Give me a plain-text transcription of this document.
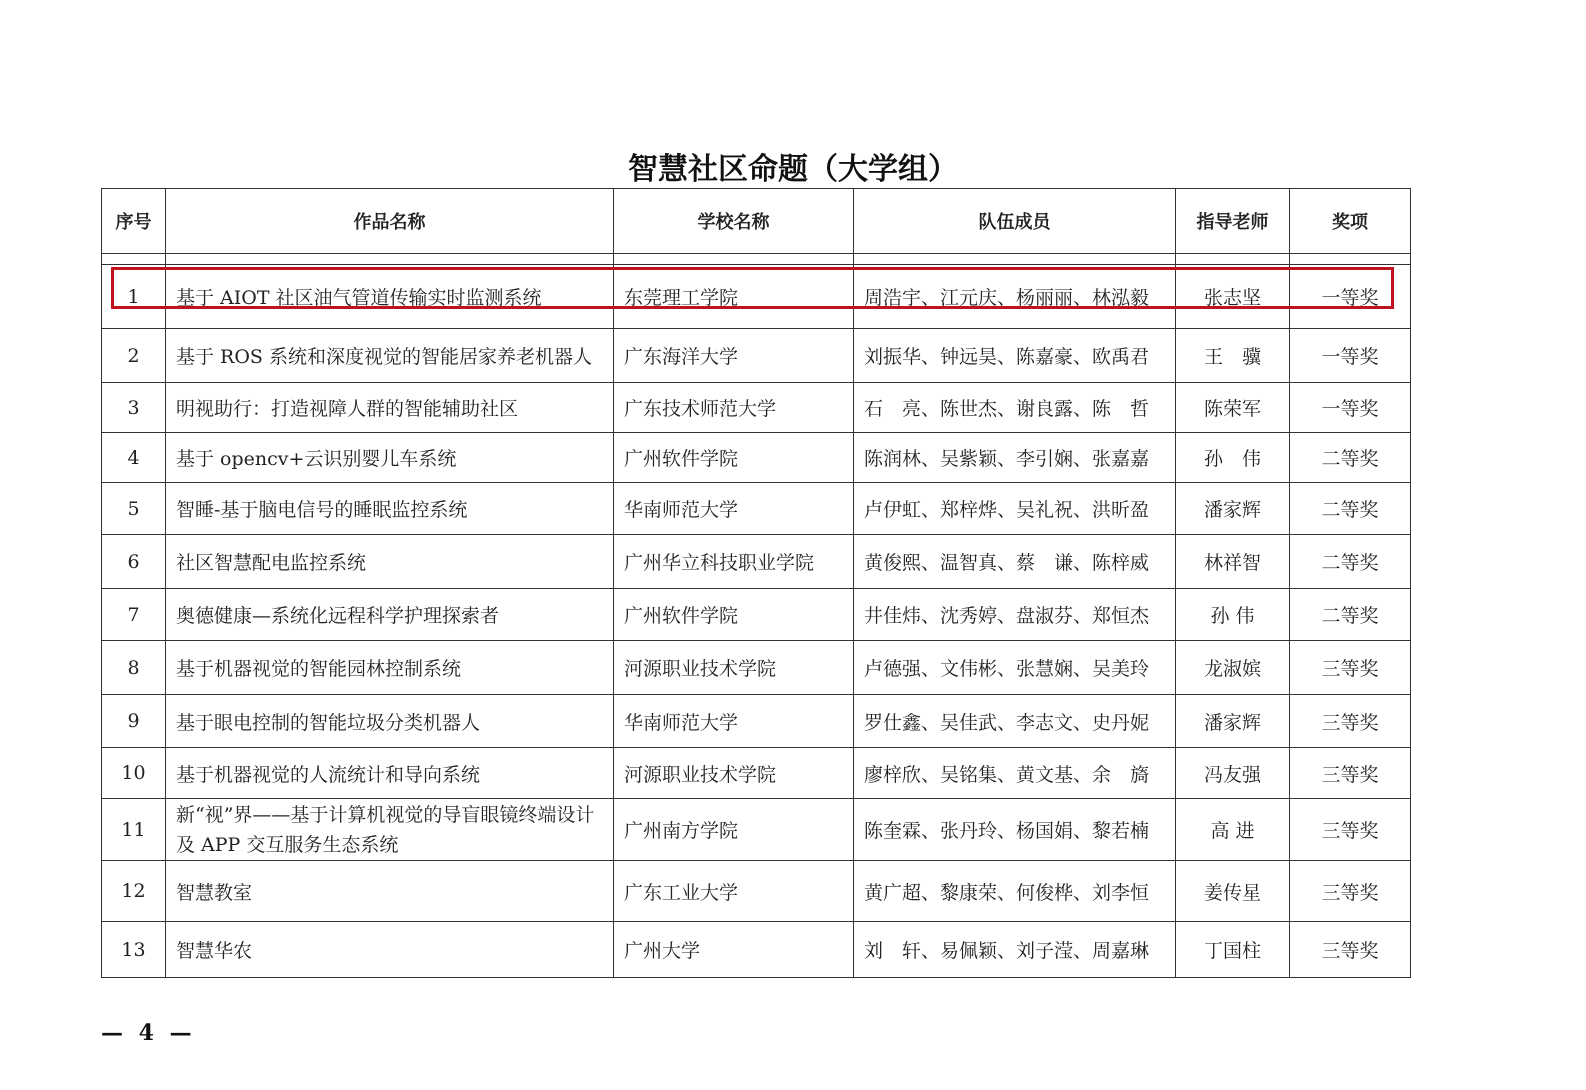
智慧社区命题（大学组）
序号	作品名称	学校名称	队伍成员	指导老师	奖项

1	基于 AIOT 社区油气管道传输实时监测系统	东莞理工学院	周浩宇、江元庆、杨丽丽、林泓毅	张志坚	一等奖
2	基于 ROS 系统和深度视觉的智能居家养老机器人	广东海洋大学	刘振华、钟远昊、陈嘉豪、欧禹君	王　骥	一等奖
3	明视助行：打造视障人群的智能辅助社区	广东技术师范大学	石　亮、陈世杰、谢良露、陈　哲	陈荣军	一等奖
4	基于 opencv+云识别婴儿车系统	广州软件学院	陈润林、吴紫颖、李引娴、张嘉嘉	孙　伟	二等奖
5	智睡-基于脑电信号的睡眠监控系统	华南师范大学	卢伊虹、郑梓烨、吴礼祝、洪昕盈	潘家辉	二等奖
6	社区智慧配电监控系统	广州华立科技职业学院	黄俊熙、温智真、蔡　谦、陈梓威	林祥智	二等奖
7	奥德健康—系统化远程科学护理探索者	广州软件学院	井佳炜、沈秀婷、盘淑芬、郑恒杰	孙 伟	二等奖
8	基于机器视觉的智能园林控制系统	河源职业技术学院	卢德强、文伟彬、张慧娴、吴美玲	龙淑嫔	三等奖
9	基于眼电控制的智能垃圾分类机器人	华南师范大学	罗仕鑫、吴佳武、李志文、史丹妮	潘家辉	三等奖
10	基于机器视觉的人流统计和导向系统	河源职业技术学院	廖梓欣、吴铭集、黄文基、余　旖	冯友强	三等奖
11	新“视”界——基于计算机视觉的导盲眼镜终端设计及 APP 交互服务生态系统	广州南方学院	陈奎霖、张丹玲、杨国娟、黎若楠	高 进	三等奖
12	智慧教室	广东工业大学	黄广超、黎康荣、何俊桦、刘李恒	姜传星	三等奖
13	智慧华农	广州大学	刘　轩、易佩颖、刘子滢、周嘉琳	丁国柱	三等奖
— 4 —
